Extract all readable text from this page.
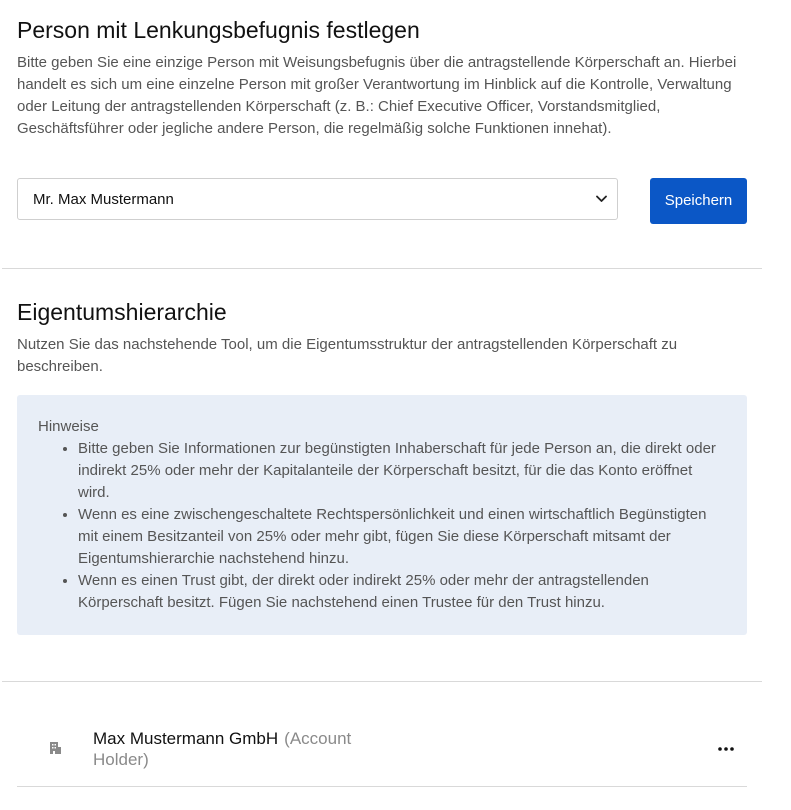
Person mit Lenkungsbefugnis festlegen

Bitte geben Sie eine einzige Person mit Weisungsbefugnis über die antragstellende Körperschaft an. Hierbei handelt es sich um eine einzelne Person mit großer Verantwortung im Hinblick auf die Kontrolle, Verwaltung oder Leitung der antragstellenden Körperschaft (z. B.: Chief Executive Officer, Vorstandsmitglied, Geschäftsführer oder jegliche andere Person, die regelmäßig solche Funktionen innehat).

Mr. Max Mustermann	Speichern
Eigentumshierarchie

Nutzen Sie das nachstehende Tool, um die Eigentumsstruktur der antragstellenden Körperschaft zu beschreiben.

Hinweise

• Bitte geben Sie Informationen zur begünstigten Inhaberschaft für jede Person an, die direkt oder indirekt 25% oder mehr der Kapitalanteile der Körperschaft besitzt, für die das Konto eröffnet wird.
• Wenn es eine zwischengeschaltete Rechtspersönlichkeit und einen wirtschaftlich Begünstigten mit einem Besitzanteil von 25% oder mehr gibt, fügen Sie diese Körperschaft mitsamt der Eigentumshierarchie nachstehend hinzu.
• Wenn es einen Trust gibt, der direkt oder indirekt 25% oder mehr der antragstellenden Körperschaft besitzt. Fügen Sie nachstehend einen Trustee für den Trust hinzu.
Max Mustermann GmbH (Account Holder)
